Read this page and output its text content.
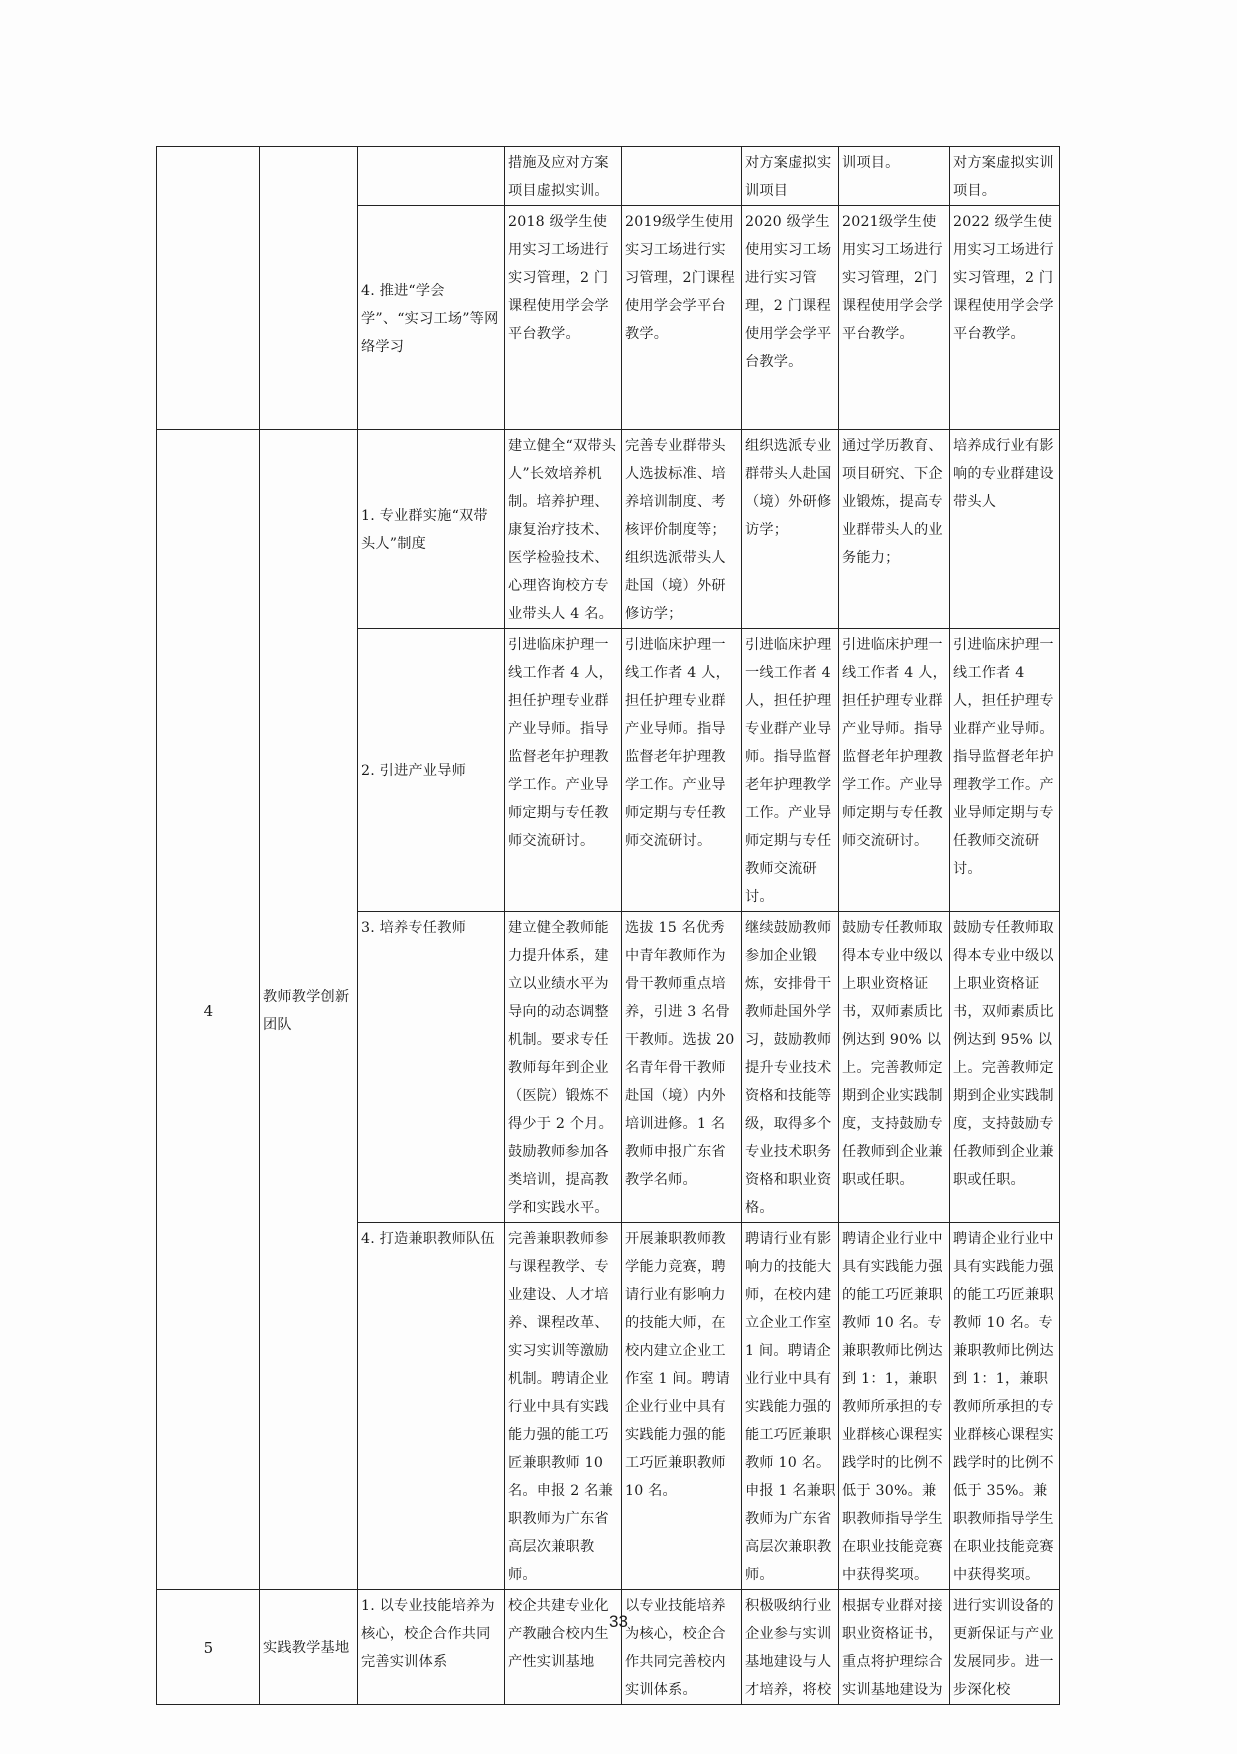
			措施及应对方案项目虚拟实训。		对方案虚拟实训项目	训项目。	对方案虚拟实训项目。
		4. 推进“学会学”、“实习工场”等网络学习	2018 级学生使用实习工场进行实习管理，2 门课程使用学会学平台教学。	2019级学生使用实习工场进行实习管理，2门课程使用学会学平台教学。	2020 级学生使用实习工场进行实习管理，2 门课程使用学会学平台教学。	2021级学生使用实习工场进行实习管理，2门课程使用学会学平台教学。	2022 级学生使用实习工场进行实习管理，2 门课程使用学会学平台教学。
4	教师教学创新团队	1. 专业群实施“双带头人”制度	建立健全“双带头人”长效培养机制。培养护理、康复治疗技术、医学检验技术、心理咨询校方专业带头人 4 名。	完善专业群带头人选拔标准、培养培训制度、考核评价制度等；组织选派带头人赴国（境）外研修访学；	组织选派专业群带头人赴国（境）外研修访学；	通过学历教育、项目研究、下企业锻炼，提高专业群带头人的业务能力；	培养成行业有影响的专业群建设带头人
		2. 引进产业导师	引进临床护理一线工作者 4 人，担任护理专业群产业导师。指导监督老年护理教学工作。产业导师定期与专任教师交流研讨。	引进临床护理一线工作者 4 人，担任护理专业群产业导师。指导监督老年护理教学工作。产业导师定期与专任教师交流研讨。	引进临床护理一线工作者 4 人，担任护理专业群产业导师。指导监督老年护理教学工作。产业导师定期与专任教师交流研讨。	引进临床护理一线工作者 4 人，担任护理专业群产业导师。指导监督老年护理教学工作。产业导师定期与专任教师交流研讨。	引进临床护理一线工作者 4 人，担任护理专业群产业导师。指导监督老年护理教学工作。产业导师定期与专任教师交流研讨。
		3. 培养专任教师	建立健全教师能力提升体系，建立以业绩水平为导向的动态调整机制。要求专任教师每年到企业（医院）锻炼不得少于 2 个月。鼓励教师参加各类培训，提高教学和实践水平。	选拔 15 名优秀中青年教师作为骨干教师重点培养，引进 3 名骨干教师。选拔 20 名青年骨干教师赴国（境）内外培训进修。1 名教师申报广东省教学名师。	继续鼓励教师参加企业锻炼，安排骨干教师赴国外学习，鼓励教师提升专业技术资格和技能等级，取得多个专业技术职务资格和职业资格。	鼓励专任教师取得本专业中级以上职业资格证书，双师素质比例达到 90% 以上。完善教师定期到企业实践制度，支持鼓励专任教师到企业兼职或任职。	鼓励专任教师取得本专业中级以上职业资格证书，双师素质比例达到 95% 以上。完善教师定期到企业实践制度，支持鼓励专任教师到企业兼职或任职。
		4. 打造兼职教师队伍	完善兼职教师参与课程教学、专业建设、人才培养、课程改革、实习实训等激励机制。聘请企业行业中具有实践能力强的能工巧匠兼职教师 10 名。申报 2 名兼职教师为广东省高层次兼职教师。	开展兼职教师教学能力竞赛，聘请行业有影响力的技能大师，在校内建立企业工作室 1 间。聘请企业行业中具有实践能力强的能工巧匠兼职教师 10 名。	聘请行业有影响力的技能大师，在校内建立企业工作室 1 间。聘请企业行业中具有实践能力强的能工巧匠兼职教师 10 名。申报 1 名兼职教师为广东省高层次兼职教师。	聘请企业行业中具有实践能力强的能工巧匠兼职教师 10 名。专兼职教师比例达到 1：1，兼职教师所承担的专业群核心课程实践学时的比例不低于 30%。兼职教师指导学生在职业技能竞赛中获得奖项。	聘请企业行业中具有实践能力强的能工巧匠兼职教师 10 名。专兼职教师比例达到 1：1，兼职教师所承担的专业群核心课程实践学时的比例不低于 35%。兼职教师指导学生在职业技能竞赛中获得奖项。
5	实践教学基地	1. 以专业技能培养为核心，校企合作共同完善实训体系	校企共建专业化产教融合校内生产性实训基地	以专业技能培养为核心，校企合作共同完善校内实训体系。	积极吸纳行业企业参与实训基地建设与人才培养，将校	根据专业群对接职业资格证书，重点将护理综合实训基地建设为	进行实训设备的更新保证与产业发展同步。进一步深化校
33
